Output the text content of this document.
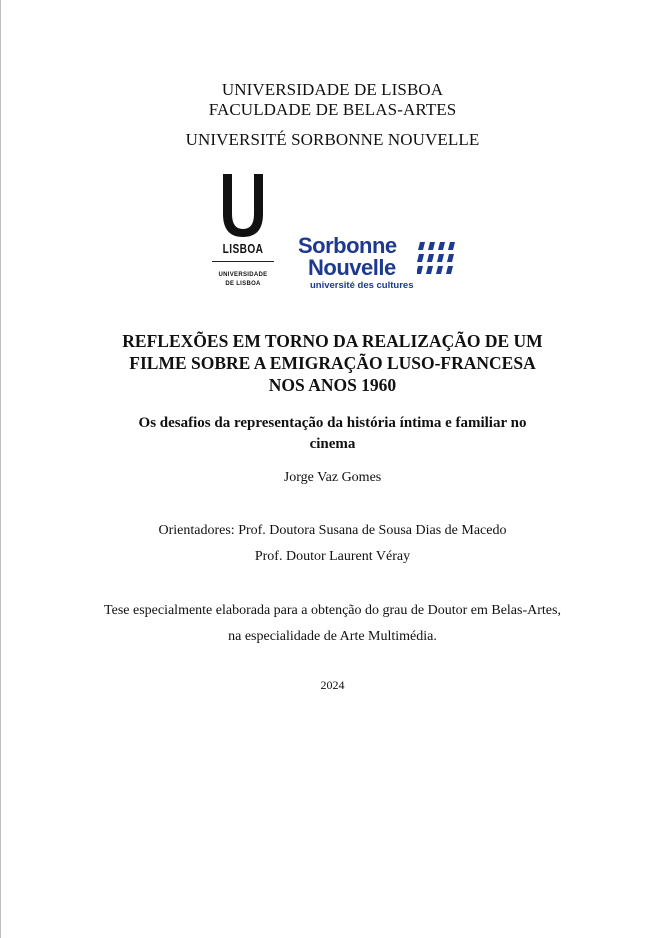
UNIVERSIDADE DE LISBOA
FACULDADE DE BELAS-ARTES
UNIVERSITÉ SORBONNE NOUVELLE
LISBOA
UNIVERSIDADE
DE LISBOA
Sorbonne
Nouvelle
université des cultures
REFLEXÕES EM TORNO DA REALIZAÇÃO DE UM
FILME SOBRE A EMIGRAÇÃO LUSO-FRANCESA
NOS ANOS 1960
Os desafios da representação da história íntima e familiar no
cinema
Jorge Vaz Gomes
Orientadores: Prof. Doutora Susana de Sousa Dias de Macedo
Prof. Doutor Laurent Véray
Tese especialmente elaborada para a obtenção do grau de Doutor em Belas-Artes,
na especialidade de Arte Multimédia.
2024
